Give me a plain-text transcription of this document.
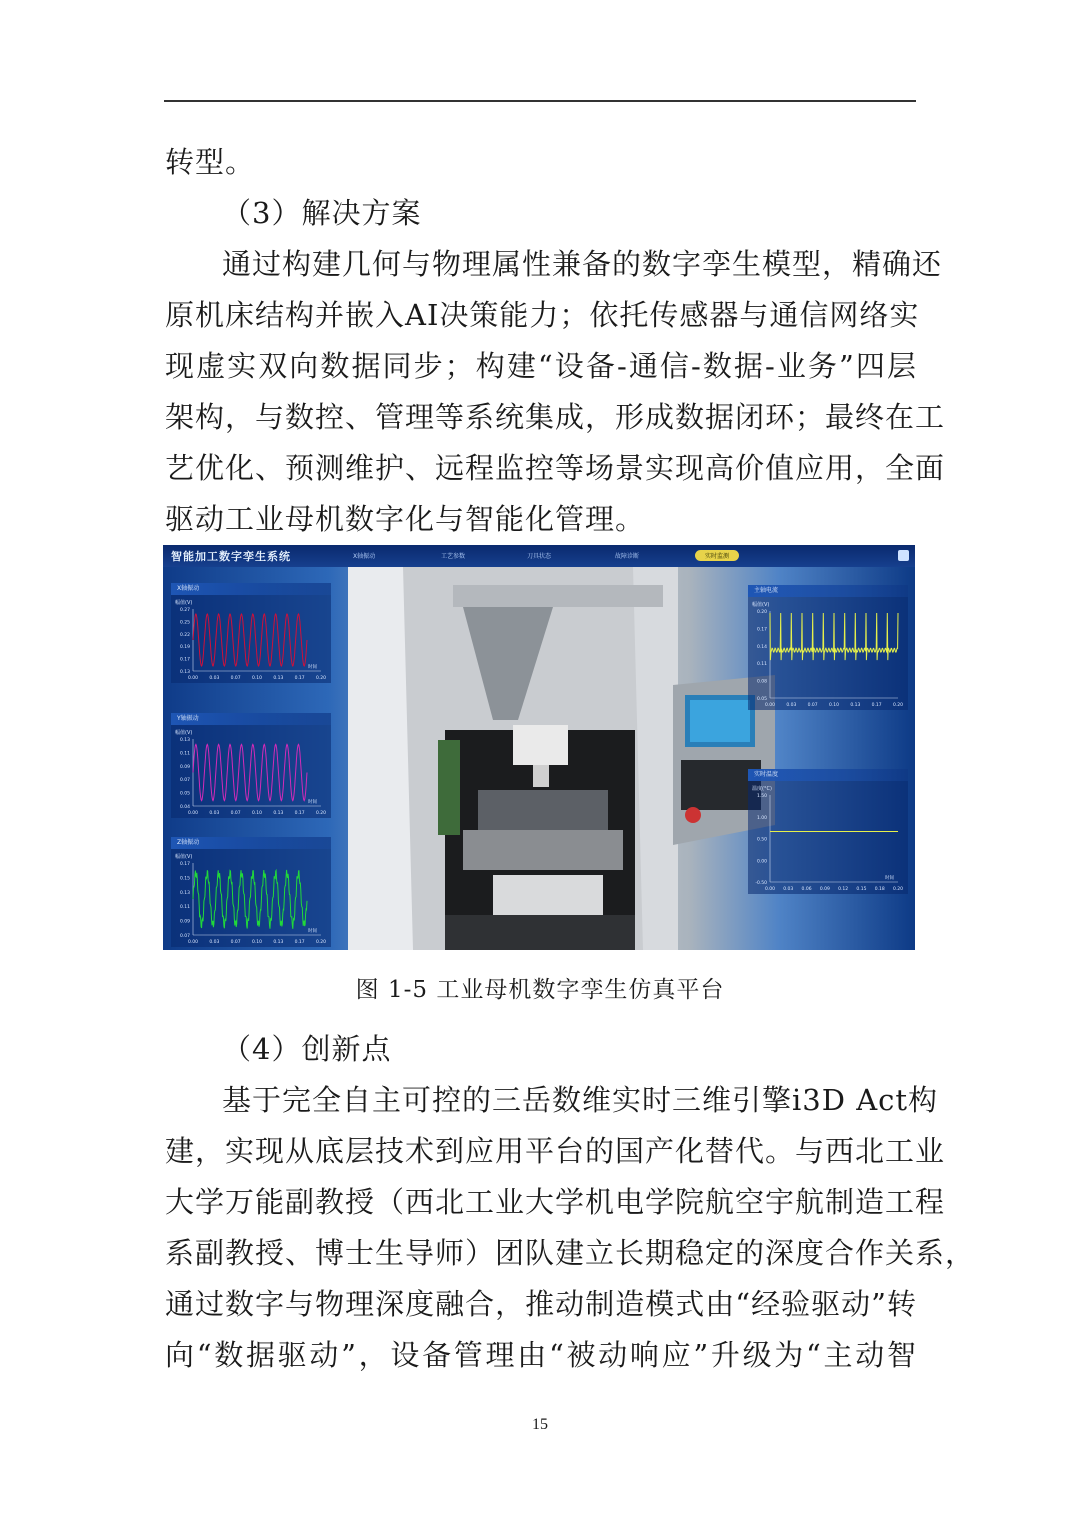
转型。
（3）解决方案
通过构建几何与物理属性兼备的数字孪生模型，精确还
原机床结构并嵌入AI决策能力；依托传感器与通信网络实
现虚实双向数据同步；构建“设备-通信-数据-业务”四层
架构，与数控、管理等系统集成，形成数据闭环；最终在工
艺优化、预测维护、远程监控等场景实现高价值应用，全面
驱动工业母机数字化与智能化管理。
智能加工数字孪生系统	X轴振动	工艺参数	刀具状态	故障诊断	实时监测
X轴振动
幅值(V)
0.27
0.25
0.22
0.19
0.17
0.13
0.00	0.03	0.07	0.10	0.13	0.17	0.20
时间
Y轴振动
幅值(V)
0.13
0.11
0.09
0.07
0.05
0.04
0.00	0.03	0.07	0.10	0.13	0.17	0.20
时间
Z轴振动
幅值(V)
0.17
0.15
0.13
0.11
0.09
0.07
0.00	0.03	0.07	0.10	0.13	0.17	0.20
时间
主轴电流
幅值(V)
0.20
0.17
0.14
0.11
0.08
0.05
0.00	0.03	0.07	0.10	0.13	0.17	0.20
实时温度
温度(°C)
1.50
1.00
0.50
0.00
-0.50
0.00 0.03 0.06 0.09 0.12 0.15 0.18 0.20
时间
图 1-5 工业母机数字孪生仿真平台
（4）创新点
基于完全自主可控的三岳数维实时三维引擎i3D Act构
建，实现从底层技术到应用平台的国产化替代。与西北工业
大学万能副教授（西北工业大学机电学院航空宇航制造工程
系副教授、博士生导师）团队建立长期稳定的深度合作关系，
通过数字与物理深度融合，推动制造模式由“经验驱动”转
向“数据驱动”，设备管理由“被动响应”升级为“主动智
15
